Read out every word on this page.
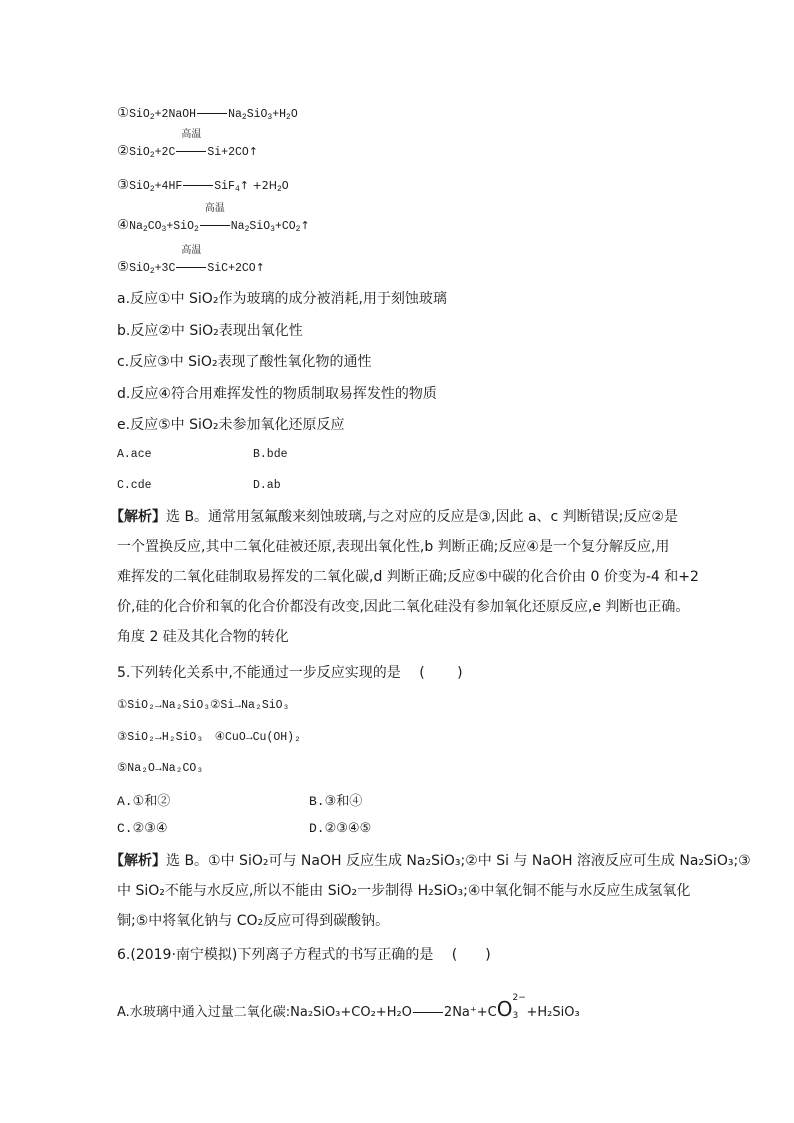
①SiO$_2$+2NaOH	$Na_2SiO_3+H_2O$
②SiO$_2$+2C
高温
Si+2CO↑
③SiO$_2$+4HF	SiF$_4$↑ $+2H_2O$
$④Na_2CO_3+SiO_2$
高温
$Na_2SiO_3+CO_2↑$
⑤SiO$_2$+3C
高温
SiC+2CO↑
a.反应①中 SiO₂作为玻璃的成分被消耗,用于刻蚀玻璃
b.反应②中 SiO₂表现出氧化性
c.反应③中 SiO₂表现了酸性氧化物的通性
d.反应④符合用难挥发性的物质制取易挥发性的物质
e.反应⑤中 SiO₂未参加氧化还原反应
A.ace	B.bde
C.cde	D.ab
【解析】选 B。通常用氢氟酸来刻蚀玻璃,与之对应的反应是③,因此 a、c 判断错误;反应②是
一个置换反应,其中二氧化硅被还原,表现出氧化性,b 判断正确;反应④是一个复分解反应,用
难挥发的二氧化硅制取易挥发的二氧化碳,d 判断正确;反应⑤中碳的化合价由 0 价变为-4 和+2
价,硅的化合价和氧的化合价都没有改变,因此二氧化硅没有参加氧化还原反应,e 判断也正确。
角度 2 硅及其化合物的转化
5.下列转化关系中,不能通过一步反应实现的是 　( 　　)
①SiO₂→Na₂SiO₃②Si→Na₂SiO₃
③SiO₂→H₂SiO₃　④CuO→Cu(OH)₂
⑤Na₂O→Na₂CO₃
A.①和②	B.③和④
C.②③④	D.②③④⑤
【解析】选 B。①中 SiO₂可与 NaOH 反应生成 Na₂SiO₃;②中 Si 与 NaOH 溶液反应可生成 Na₂SiO₃;③
中 SiO₂不能与水反应,所以不能由 SiO₂一步制得 H₂SiO₃;④中氧化铜不能与水反应生成氢氧化
铜;⑤中将氧化钠与 CO₂反应可得到碳酸钠。
6.(2019·南宁模拟)下列离子方程式的书写正确的是 　(　　)
A.水玻璃中通入过量二氧化碳:Na₂SiO₃+CO₂+H₂O 2Na⁺+CO 2−
3 +H₂SiO₃
